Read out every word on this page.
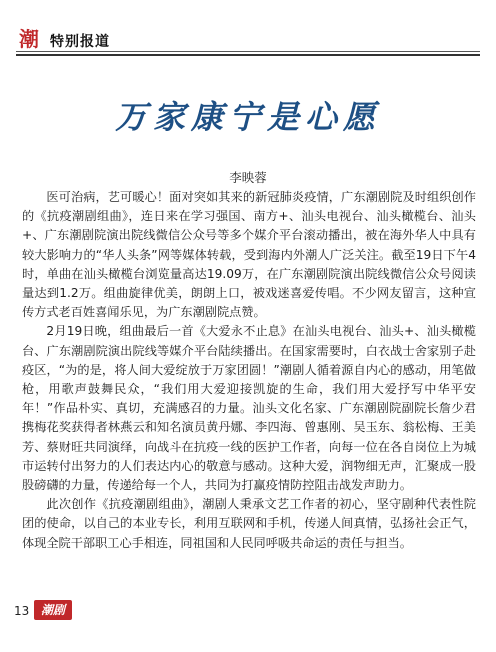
潮 特别报道
万家康宁是心愿
李映蓉

医可治病，艺可暖心！面对突如其来的新冠肺炎疫情，广东潮剧院及时组织创作的《抗疫潮剧组曲》，连日来在学习强国、南方+、汕头电视台、汕头橄榄台、汕头+、广东潮剧院演出院线微信公众号等多个媒介平台滚动播出，被在海外华人中具有较大影响力的“华人头条”网等媒体转载，受到海内外潮人广泛关注。截至19日下午4时，单曲在汕头橄榄台浏览量高达19.09万，在广东潮剧院演出院线微信公众号阅读量达到1.2万。组曲旋律优美，朗朗上口，被戏迷喜爱传唱。不少网友留言，这种宣传方式老百姓喜闻乐见，为广东潮剧院点赞。

2月19日晚，组曲最后一首《大爱永不止息》在汕头电视台、汕头+、汕头橄榄台、广东潮剧院演出院线等媒介平台陆续播出。在国家需要时，白衣战士舍家别子赴疫区，“为的是，将人间大爱绽放于万家团圆！”潮剧人循着源自内心的感动，用笔做枪，用歌声鼓舞民众，“我们用大爱迎接凯旋的生命，我们用大爱抒写中华平安年！”作品朴实、真切，充满感召的力量。汕头文化名家、广东潮剧院副院长詹少君携梅花奖获得者林燕云和知名演员黄丹娜、李四海、曾惠刚、吴玉东、翁松梅、王美芳、蔡财旺共同演绎，向战斗在抗疫一线的医护工作者，向每一位在各自岗位上为城市运转付出努力的人们表达内心的敬意与感动。这种大爱，润物细无声，汇聚成一股股磅礴的力量，传递给每一个人，共同为打赢疫情防控阻击战发声助力。

此次创作《抗疫潮剧组曲》，潮剧人秉承文艺工作者的初心，坚守剧种代表性院团的使命，以自己的本业专长，利用互联网和手机，传递人间真情，弘扬社会正气，体现全院干部职工心手相连，同祖国和人民同呼吸共命运的责任与担当。

13 潮剧
